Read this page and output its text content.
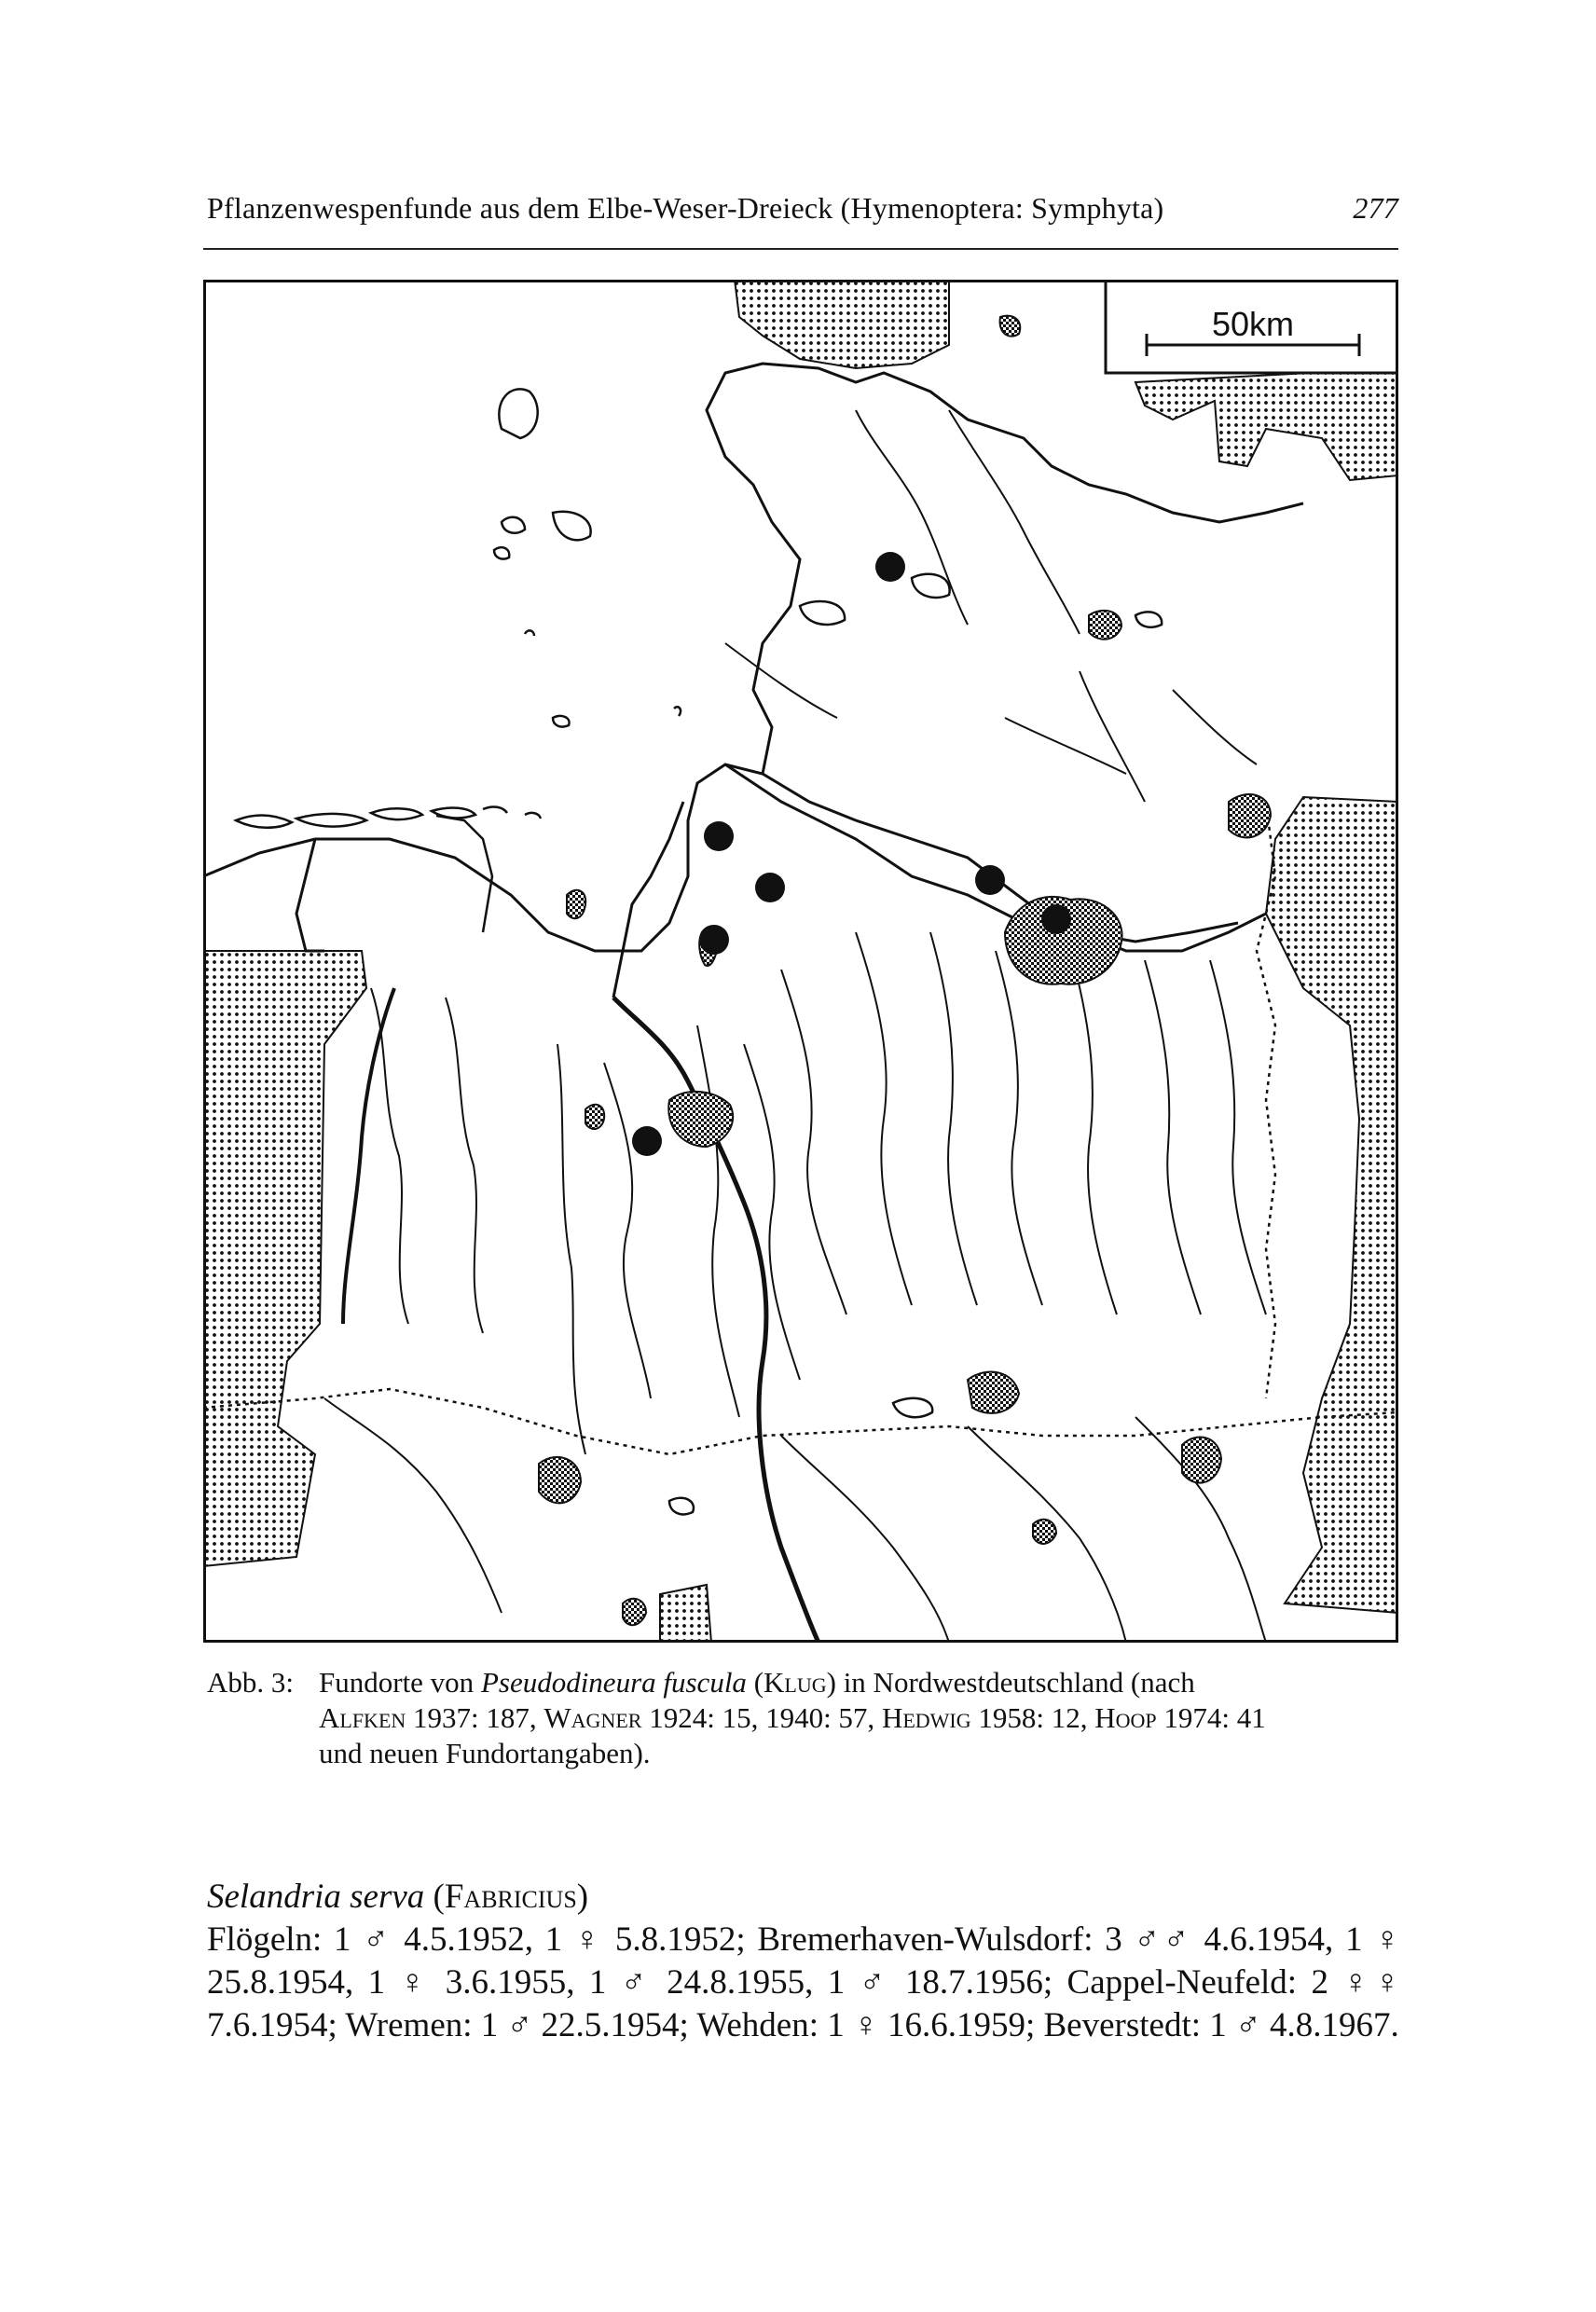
Pflanzenwespenfunde aus dem Elbe-Weser-Dreieck (Hymenoptera: Symphyta)	277
50km
Abb. 3: Fundorte von Pseudodineura fuscula (Klug) in Nordwestdeutschland (nach
Alfken 1937: 187, Wagner 1924: 15, 1940: 57, Hedwig 1958: 12, Hoop 1974: 41
und neuen Fundortangaben).
Selandria serva (Fabricius)
Flögeln: 1 ♂ 4.5.1952, 1 ♀ 5.8.1952; Bremerhaven-Wulsdorf: 3 ♂♂ 4.6.1954, 1 ♀ 25.8.1954, 1 ♀ 3.6.1955, 1 ♂ 24.8.1955, 1 ♂ 18.7.1956; Cappel-Neufeld: 2 ♀♀ 7.6.1954; Wremen: 1 ♂ 22.5.1954; Wehden: 1 ♀ 16.6.1959; Beverstedt: 1 ♂ 4.8.1967.
